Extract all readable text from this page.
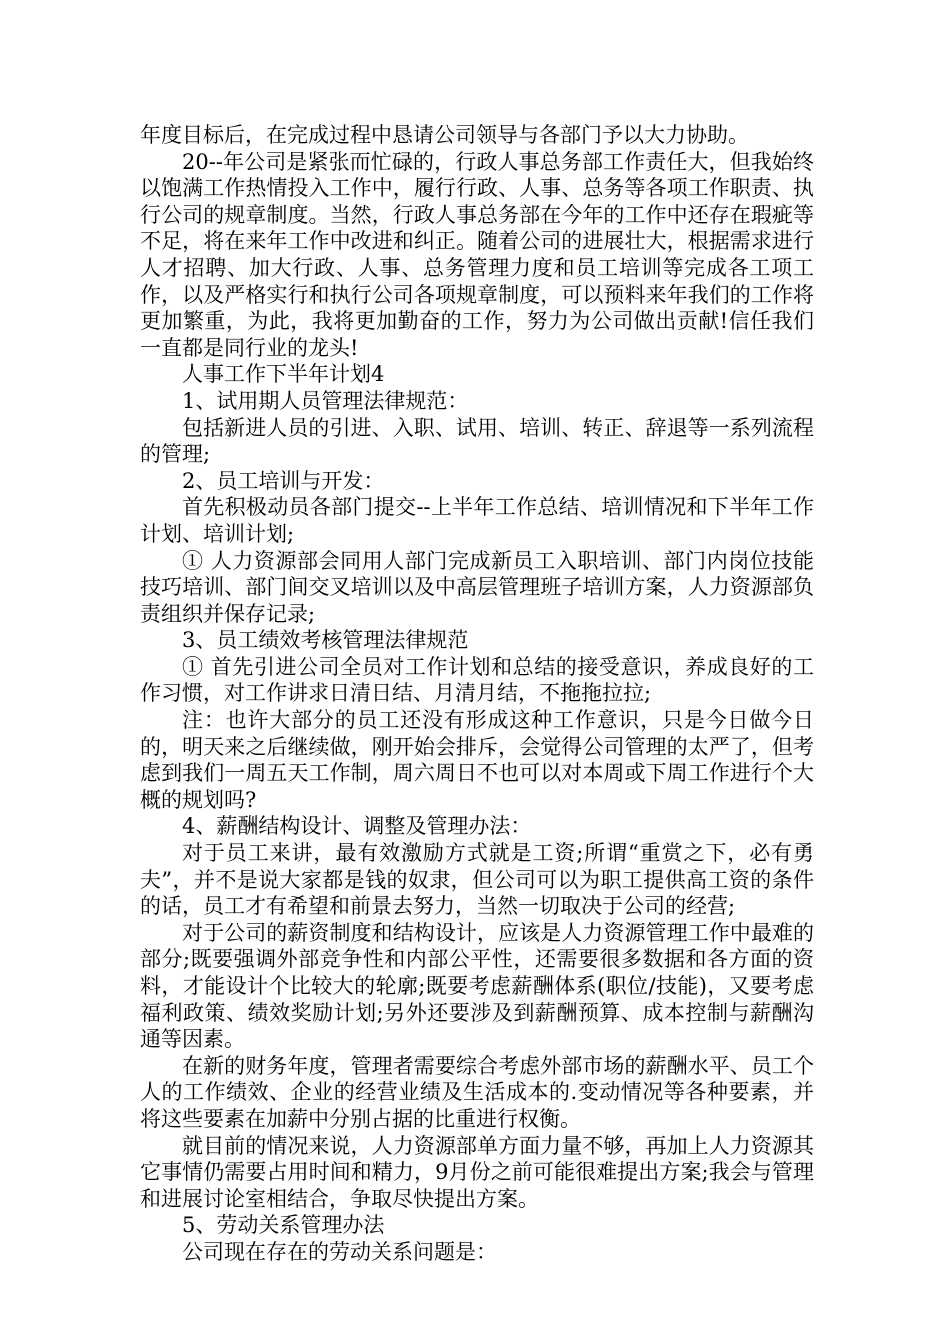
年度目标后，在完成过程中恳请公司领导与各部门予以大力协助。

20--年公司是紧张而忙碌的，行政人事总务部工作责任大，但我始终以饱满工作热情投入工作中，履行行政、人事、总务等各项工作职责、执行公司的规章制度。当然，行政人事总务部在今年的工作中还存在瑕疵等不足，将在来年工作中改进和纠正。随着公司的进展壮大，根据需求进行人才招聘、加大行政、人事、总务管理力度和员工培训等完成各工项工作，以及严格实行和执行公司各项规章制度，可以预料来年我们的工作将更加繁重，为此，我将更加勤奋的工作，努力为公司做出贡献!信任我们一直都是同行业的龙头!

人事工作下半年计划4

1、试用期人员管理法律规范：

包括新进人员的引进、入职、试用、培训、转正、辞退等一系列流程的管理;

2、员工培训与开发：

首先积极动员各部门提交--上半年工作总结、培训情况和下半年工作计划、培训计划;

① 人力资源部会同用人部门完成新员工入职培训、部门内岗位技能技巧培训、部门间交叉培训以及中高层管理班子培训方案，人力资源部负责组织并保存记录;

3、员工绩效考核管理法律规范

① 首先引进公司全员对工作计划和总结的接受意识，养成良好的工作习惯，对工作讲求日清日结、月清月结，不拖拖拉拉;

注：也许大部分的员工还没有形成这种工作意识，只是今日做今日的，明天来之后继续做，刚开始会排斥，会觉得公司管理的太严了，但考虑到我们一周五天工作制，周六周日不也可以对本周或下周工作进行个大概的规划吗?

4、薪酬结构设计、调整及管理办法：

对于员工来讲，最有效激励方式就是工资;所谓“重赏之下，必有勇夫”，并不是说大家都是钱的奴隶，但公司可以为职工提供高工资的条件的话，员工才有希望和前景去努力，当然一切取决于公司的经营;

对于公司的薪资制度和结构设计，应该是人力资源管理工作中最难的部分;既要强调外部竞争性和内部公平性，还需要很多数据和各方面的资料，才能设计个比较大的轮廓;既要考虑薪酬体系(职位/技能)，又要考虑福利政策、绩效奖励计划;另外还要涉及到薪酬预算、成本控制与薪酬沟通等因素。

在新的财务年度，管理者需要综合考虑外部市场的薪酬水平、员工个人的工作绩效、企业的经营业绩及生活成本的.变动情况等各种要素，并将这些要素在加薪中分别占据的比重进行权衡。

就目前的情况来说，人力资源部单方面力量不够，再加上人力资源其它事情仍需要占用时间和精力，9月份之前可能很难提出方案;我会与管理和进展讨论室相结合，争取尽快提出方案。

5、劳动关系管理办法

公司现在存在的劳动关系问题是：
